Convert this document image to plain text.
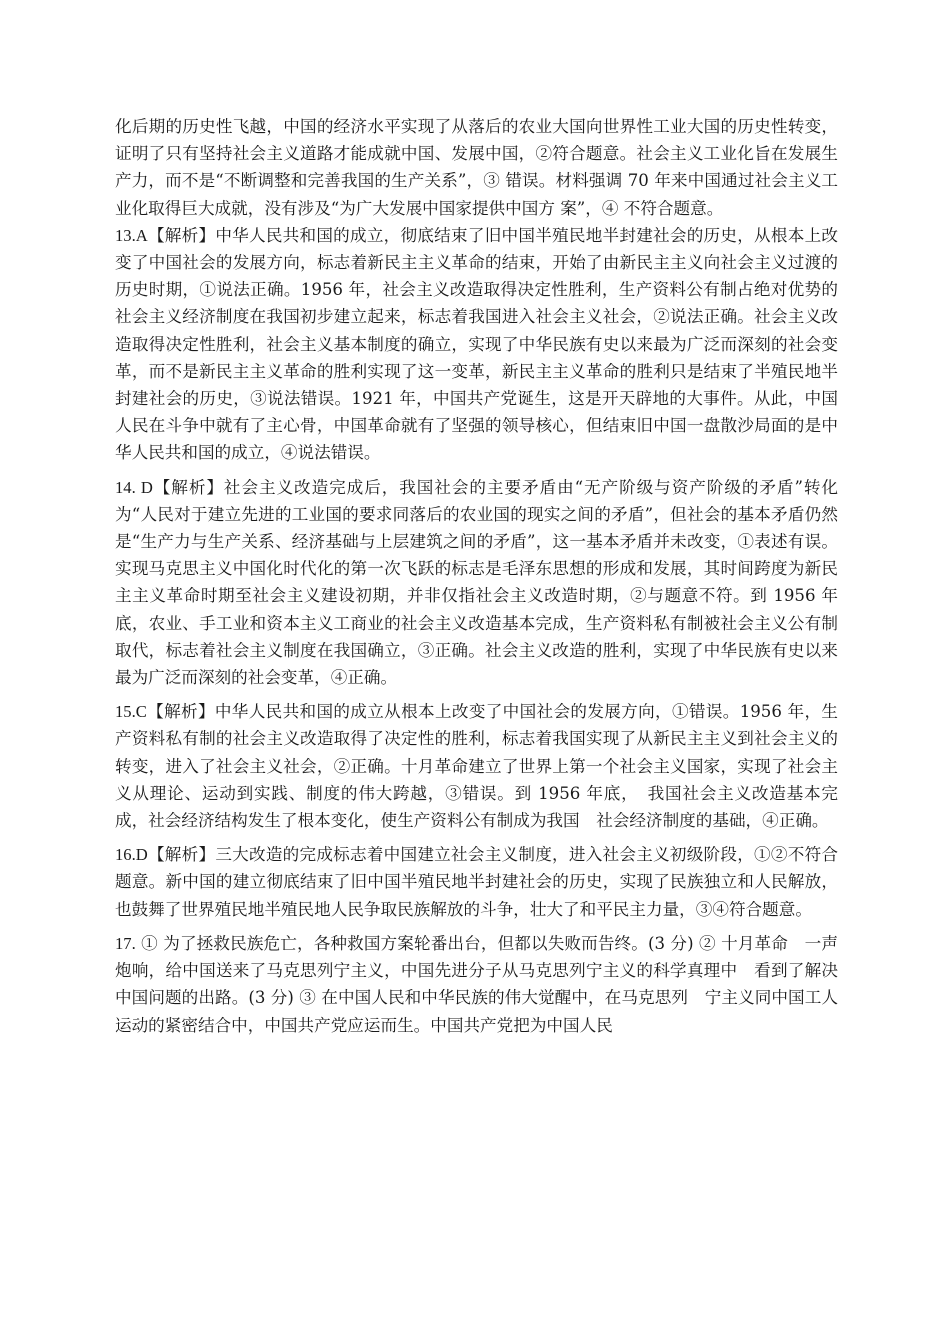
化后期的历史性飞越，中国的经济水平实现了从落后的农业大国向世界性工业大国的历史性转变，证明了只有坚持社会主义道路才能成就中国、发展中国，②符合题意。社会主义工业化旨在发展生产力，而不是“不断调整和完善我国的生产关系”，③ 错误。材料强调 70 年来中国通过社会主义工业化取得巨大成就，没有涉及“为广大发展中国家提供中国方 案”，④ 不符合题意。

13.A【解析】中华人民共和国的成立，彻底结束了旧中国半殖民地半封建社会的历史，从根本上改变了中国社会的发展方向，标志着新民主主义革命的结束，开始了由新民主主义向社会主义过渡的历史时期，①说法正确。1956 年，社会主义改造取得决定性胜利，生产资料公有制占绝对优势的社会主义经济制度在我国初步建立起来，标志着我国进入社会主义社会，②说法正确。社会主义改造取得决定性胜利，社会主义基本制度的确立，实现了中华民族有史以来最为广泛而深刻的社会变革，而不是新民主主义革命的胜利实现了这一变革，新民主主义革命的胜利只是结束了半殖民地半封建社会的历史，③说法错误。1921 年，中国共产党诞生，这是开天辟地的大事件。从此，中国人民在斗争中就有了主心骨，中国革命就有了坚强的领导核心，但结束旧中国一盘散沙局面的是中华人民共和国的成立，④说法错误。

14. D【解析】社会主义改造完成后，我国社会的主要矛盾由“无产阶级与资产阶级的矛盾”转化为“人民对于建立先进的工业国的要求同落后的农业国的现实之间的矛盾”，但社会的基本矛盾仍然是“生产力与生产关系、经济基础与上层建筑之间的矛盾”，这一基本矛盾并未改变，①表述有误。实现马克思主义中国化时代化的第一次飞跃的标志是毛泽东思想的形成和发展，其时间跨度为新民主主义革命时期至社会主义建设初期，并非仅指社会主义改造时期，②与题意不符。到 1956 年底，农业、手工业和资本主义工商业的社会主义改造基本完成，生产资料私有制被社会主义公有制取代，标志着社会主义制度在我国确立，③正确。社会主义改造的胜利，实现了中华民族有史以来最为广泛而深刻的社会变革，④正确。

15.C【解析】中华人民共和国的成立从根本上改变了中国社会的发展方向，①错误。1956 年，生产资料私有制的社会主义改造取得了决定性的胜利，标志着我国实现了从新民主主义到社会主义的转变，进入了社会主义社会，②正确。十月革命建立了世界上第一个社会主义国家，实现了社会主义从理论、运动到实践、制度的伟大跨越，③错误。到 1956 年底，　我国社会主义改造基本完成，社会经济结构发生了根本变化，使生产资料公有制成为我国　社会经济制度的基础，④正确。

16.D【解析】三大改造的完成标志着中国建立社会主义制度，进入社会主义初级阶段，①②不符合题意。新中国的建立彻底结束了旧中国半殖民地半封建社会的历史，实现了民族独立和人民解放，也鼓舞了世界殖民地半殖民地人民争取民族解放的斗争，壮大了和平民主力量，③④符合题意。

17. ① 为了拯救民族危亡，各种救国方案轮番出台，但都以失败而告终。(3 分) ② 十月革命　一声炮响，给中国送来了马克思列宁主义，中国先进分子从马克思列宁主义的科学真理中　看到了解决中国问题的出路。(3 分) ③ 在中国人民和中华民族的伟大觉醒中，在马克思列　宁主义同中国工人运动的紧密结合中，中国共产党应运而生。中国共产党把为中国人民
